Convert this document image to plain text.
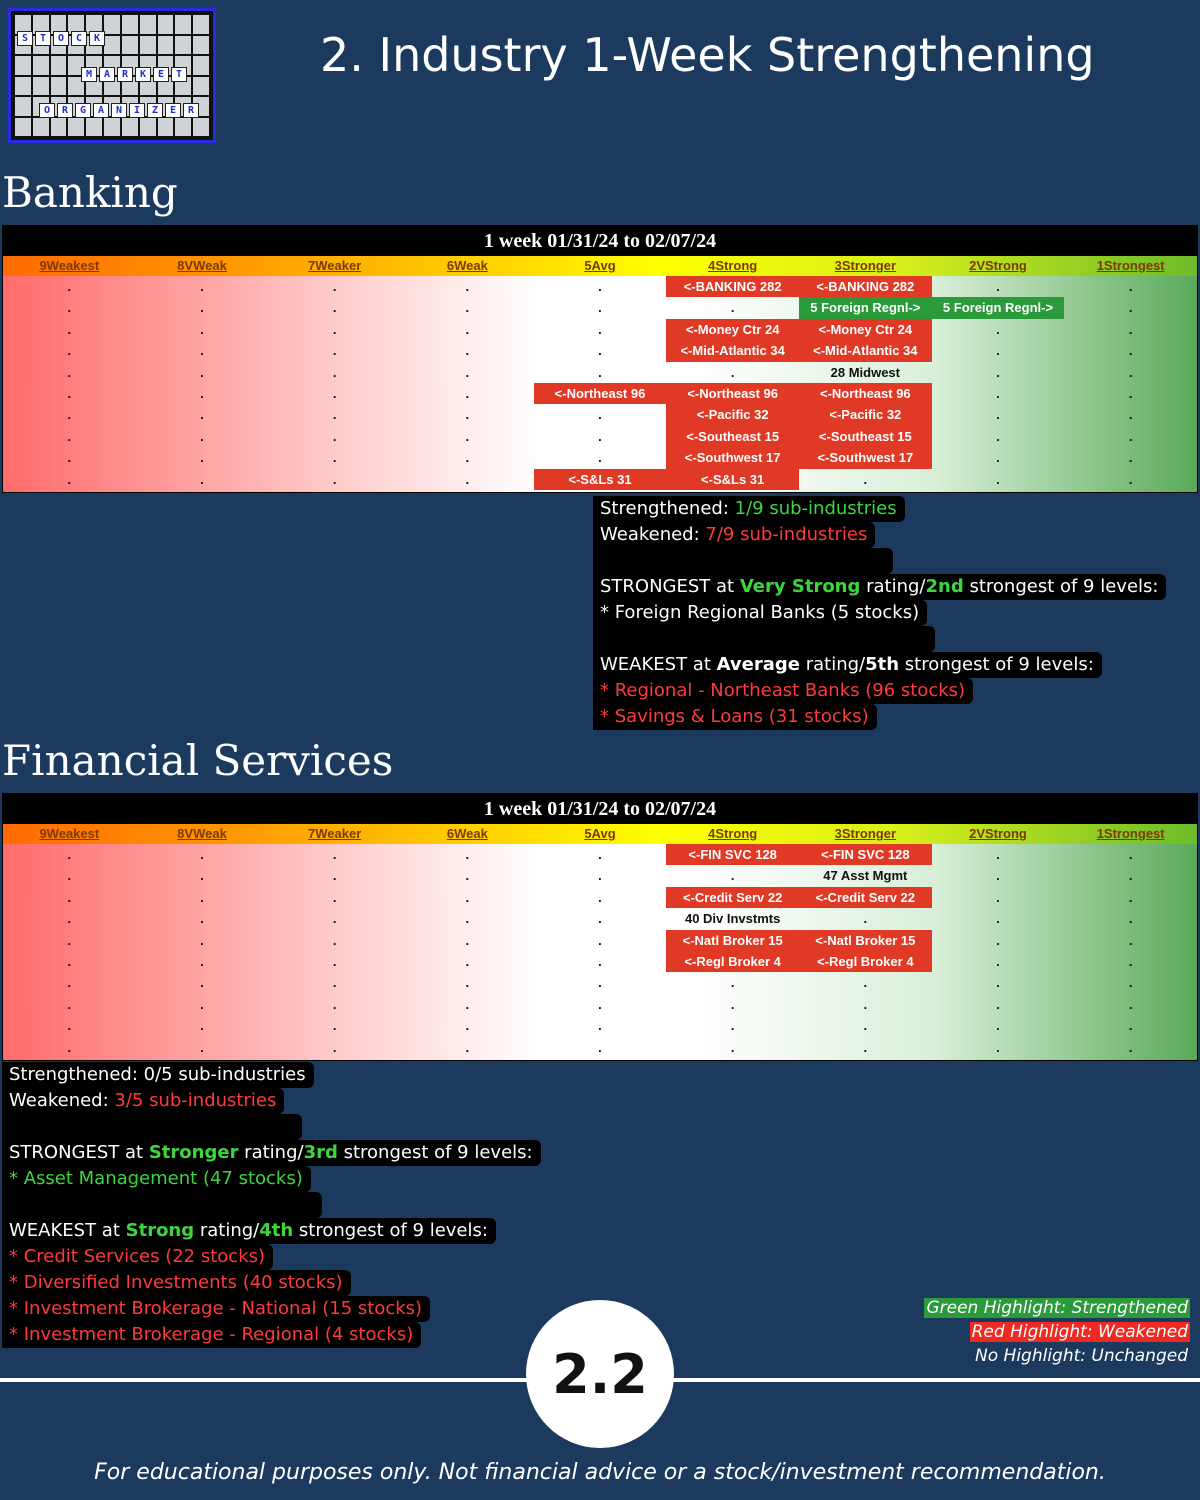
S	T	O	C	K
M	A	R	K	E	T
O	R	G	A	N	I	Z	E	R
2. Industry 1-Week Strengthening
Banking
1 week 01/31/24 to 02/07/24
9Weakest	8VWeak	7Weaker	6Weak	5Avg	4Strong	3Stronger	2VStrong	1Strongest
.	.	.	.	.	<-BANKING 282	<-BANKING 282	.	.
.	.	.	.	.	.	5 Foreign Regnl->	5 Foreign Regnl->	.
.	.	.	.	.	<-Money Ctr 24	<-Money Ctr 24	.	.
.	.	.	.	.	<-Mid-Atlantic 34	<-Mid-Atlantic 34	.	.
.	.	.	.	.	.	28 Midwest	.	.
.	.	.	.	<-Northeast 96	<-Northeast 96	<-Northeast 96	.	.
.	.	.	.	.	<-Pacific 32	<-Pacific 32	.	.
.	.	.	.	.	<-Southeast 15	<-Southeast 15	.	.
.	.	.	.	.	<-Southwest 17	<-Southwest 17	.	.
.	.	.	.	<-S&Ls 31	<-S&Ls 31	.	.	.
Strengthened: 1/9 sub-industries
Weakened: 7/9 sub-industries
STRONGEST at Very Strong rating/2nd strongest of 9 levels:
* Foreign Regional Banks (5 stocks)
WEAKEST at Average rating/5th strongest of 9 levels:
* Regional - Northeast Banks (96 stocks)
* Savings & Loans (31 stocks)
Financial Services
1 week 01/31/24 to 02/07/24
9Weakest	8VWeak	7Weaker	6Weak	5Avg	4Strong	3Stronger	2VStrong	1Strongest
.	.	.	.	.	<-FIN SVC 128	<-FIN SVC 128	.	.
.	.	.	.	.	.	47 Asst Mgmt	.	.
.	.	.	.	.	<-Credit Serv 22	<-Credit Serv 22	.	.
.	.	.	.	.	40 Div Invstmts	.	.	.
.	.	.	.	.	<-Natl Broker 15	<-Natl Broker 15	.	.
.	.	.	.	.	<-Regl Broker 4	<-Regl Broker 4	.	.
.	.	.	.	.	.	.	.	.
.	.	.	.	.	.	.	.	.
.	.	.	.	.	.	.	.	.
.	.	.	.	.	.	.	.	.
Strengthened: 0/5 sub-industries
Weakened: 3/5 sub-industries
STRONGEST at Stronger rating/3rd strongest of 9 levels:
* Asset Management (47 stocks)
WEAKEST at Strong rating/4th strongest of 9 levels:
* Credit Services (22 stocks)
* Diversified Investments (40 stocks)
* Investment Brokerage - National (15 stocks)
* Investment Brokerage - Regional (4 stocks)
Green Highlight: Strengthened
Red Highlight: Weakened
No Highlight: Unchanged
2.2
For educational purposes only. Not financial advice or a stock/investment recommendation.
